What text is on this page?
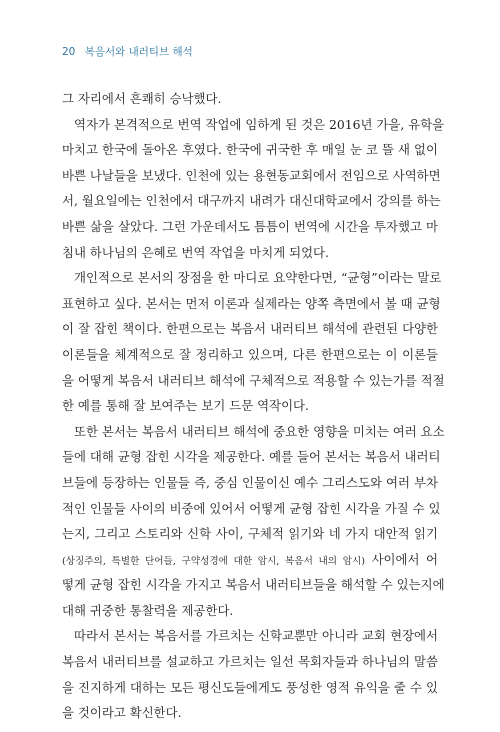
20 복음서와 내러티브 해석
그 자리에서 흔쾌히 승낙했다.
역자가 본격적으로 번역 작업에 임하게 된 것은 2016년 가을, 유학을
마치고 한국에 돌아온 후였다. 한국에 귀국한 후 매일 눈 코 뜰 새 없이
바쁜 나날들을 보냈다. 인천에 있는 용현동교회에서 전임으로 사역하면
서, 월요일에는 인천에서 대구까지 내려가 대신대학교에서 강의를 하는
바쁜 삶을 살았다. 그런 가운데서도 틈틈이 번역에 시간을 투자했고 마
침내 하나님의 은혜로 번역 작업을 마치게 되었다.
개인적으로 본서의 장점을 한 마디로 요약한다면, “균형”이라는 말로
표현하고 싶다. 본서는 먼저 이론과 실제라는 양쪽 측면에서 볼 때 균형
이 잘 잡힌 책이다. 한편으로는 복음서 내러티브 해석에 관련된 다양한
이론들을 체계적으로 잘 정리하고 있으며, 다른 한편으로는 이 이론들
을 어떻게 복음서 내러티브 해석에 구체적으로 적용할 수 있는가를 적절
한 예를 통해 잘 보여주는 보기 드문 역작이다.
또한 본서는 복음서 내러티브 해석에 중요한 영향을 미치는 여러 요소
들에 대해 균형 잡힌 시각을 제공한다. 예를 들어 본서는 복음서 내러티
브들에 등장하는 인물들 즉, 중심 인물이신 예수 그리스도와 여러 부차
적인 인물들 사이의 비중에 있어서 어떻게 균형 잡힌 시각을 가질 수 있
는지, 그리고 스토리와 신학 사이, 구체적 읽기와 네 가지 대안적 읽기
(상징주의, 특별한 단어들, 구약성경에 대한 암시, 복음서 내의 암시) 사이에서 어
떻게 균형 잡힌 시각을 가지고 복음서 내러티브들을 해석할 수 있는지에
대해 귀중한 통찰력을 제공한다.
따라서 본서는 복음서를 가르치는 신학교뿐만 아니라 교회 현장에서
복음서 내러티브를 설교하고 가르치는 일선 목회자들과 하나님의 말씀
을 진지하게 대하는 모든 평신도들에게도 풍성한 영적 유익을 줄 수 있
을 것이라고 확신한다.
